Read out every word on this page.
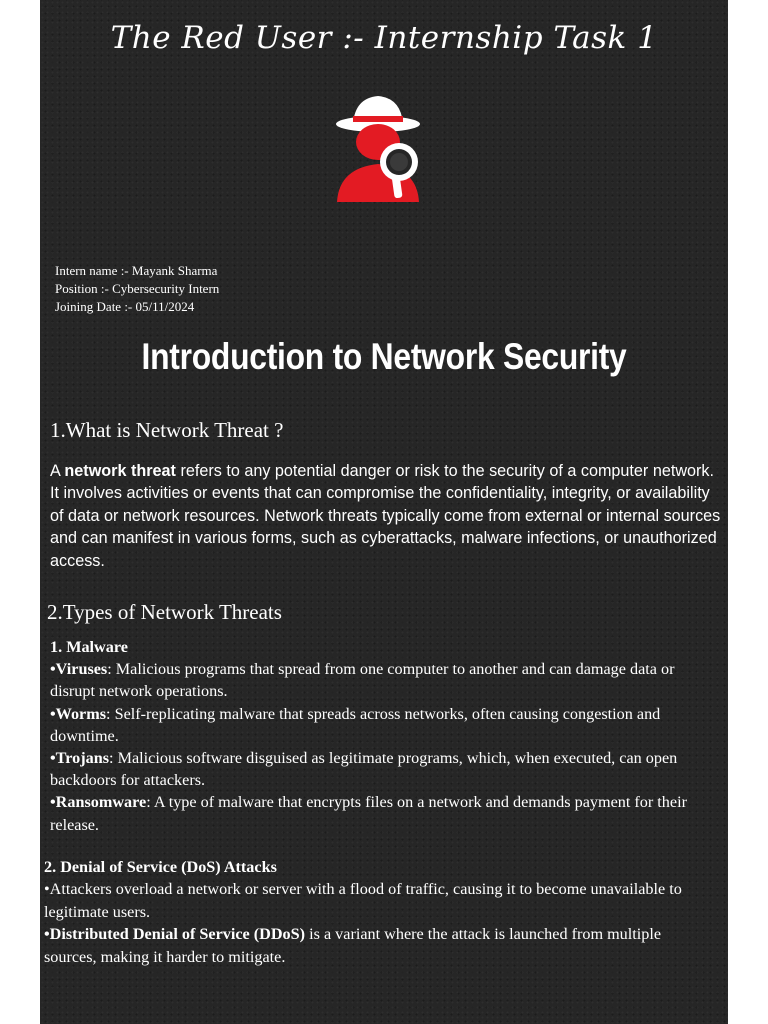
The Red User :- Internship Task 1
Intern name :- Mayank Sharma
Position :- Cybersecurity Intern
Joining Date :- 05/11/2024
Introduction to Network Security
1.What is Network Threat ?
A network threat refers to any potential danger or risk to the security of a computer network. It involves activities or events that can compromise the confidentiality, integrity, or availability of data or network resources. Network threats typically come from external or internal sources and can manifest in various forms, such as cyberattacks, malware infections, or unauthorized access.
2.Types of Network Threats
1. Malware
•Viruses: Malicious programs that spread from one computer to another and can damage data or disrupt network operations.
•Worms: Self-replicating malware that spreads across networks, often causing congestion and downtime.
•Trojans: Malicious software disguised as legitimate programs, which, when executed, can open backdoors for attackers.
•Ransomware: A type of malware that encrypts files on a network and demands payment for their release.
2. Denial of Service (DoS) Attacks
•Attackers overload a network or server with a flood of traffic, causing it to become unavailable to legitimate users.
•Distributed Denial of Service (DDoS) is a variant where the attack is launched from multiple sources, making it harder to mitigate.
